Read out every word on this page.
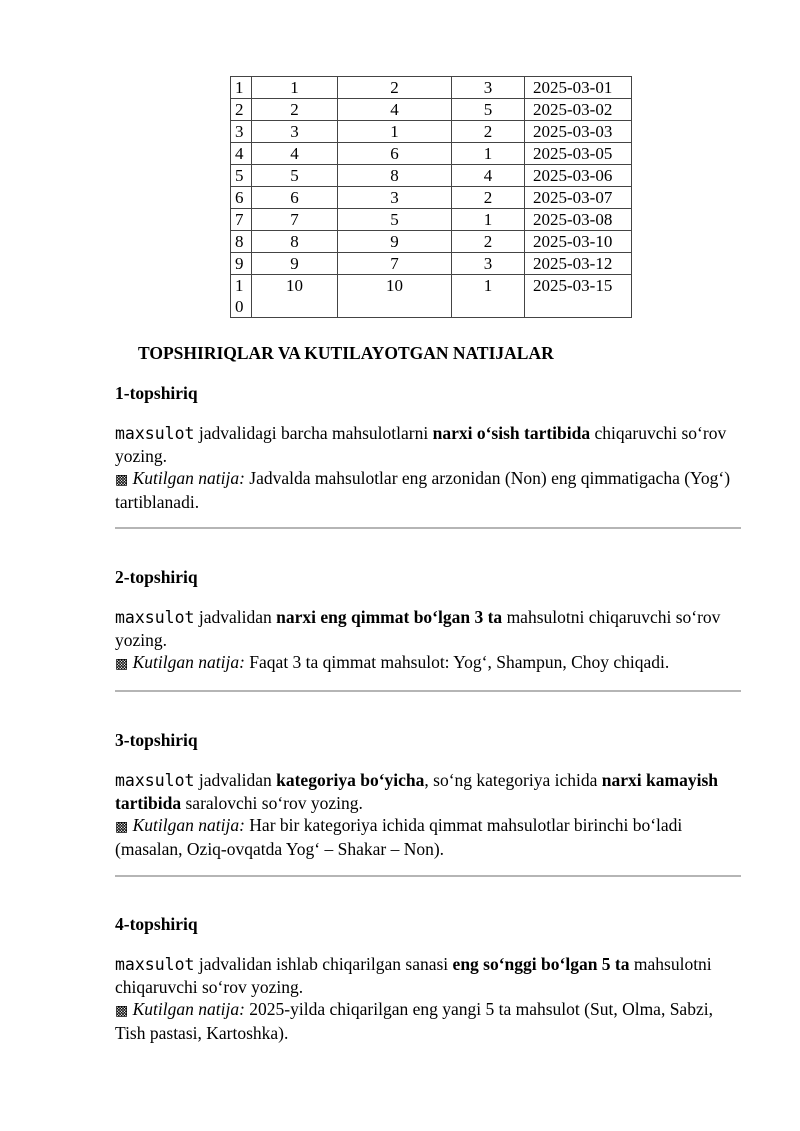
1	1	2	3	2025-03-01
2	2	4	5	2025-03-02
3	3	1	2	2025-03-03
4	4	6	1	2025-03-05
5	5	8	4	2025-03-06
6	6	3	2	2025-03-07
7	7	5	1	2025-03-08
8	8	9	2	2025-03-10
9	9	7	3	2025-03-12
10	10	10	1	2025-03-15
TOPSHIRIQLAR VA KUTILAYOTGAN NATIJALAR
1-topshiriq

maxsulot jadvalidagi barcha mahsulotlarni narxi o‘sish tartibida chiqaruvchi so‘rov yozing.

▩ Kutilgan natija: Jadvalda mahsulotlar eng arzonidan (Non) eng qimmatigacha (Yog‘) tartiblanadi.

2-topshiriq

maxsulot jadvalidan narxi eng qimmat bo‘lgan 3 ta mahsulotni chiqaruvchi so‘rov yozing.

▩ Kutilgan natija: Faqat 3 ta qimmat mahsulot: Yog‘, Shampun, Choy chiqadi.

3-topshiriq

maxsulot jadvalidan kategoriya bo‘yicha, so‘ng kategoriya ichida narxi kamayish tartibida saralovchi so‘rov yozing.

▩ Kutilgan natija: Har bir kategoriya ichida qimmat mahsulotlar birinchi bo‘ladi (masalan, Oziq-ovqatda Yog‘ – Shakar – Non).

4-topshiriq

maxsulot jadvalidan ishlab chiqarilgan sanasi eng so‘nggi bo‘lgan 5 ta mahsulotni chiqaruvchi so‘rov yozing.

▩ Kutilgan natija: 2025-yilda chiqarilgan eng yangi 5 ta mahsulot (Sut, Olma, Sabzi, Tish pastasi, Kartoshka).
